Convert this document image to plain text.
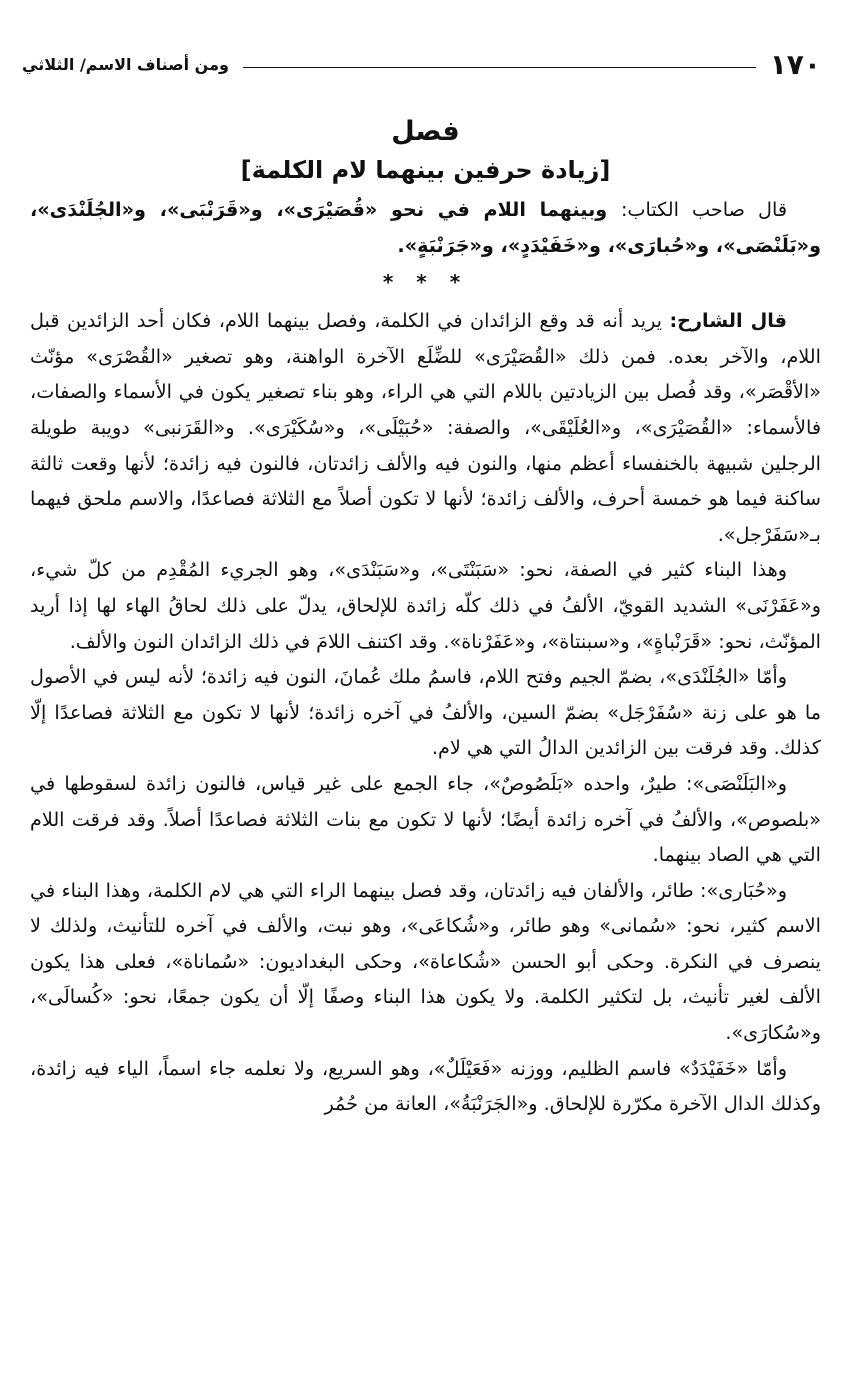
١٧٠
ومن أصناف الاسم/ الثلاثي
فصل
[زيادة حرفين بينهما لام الكلمة]

قال صاحب الكتاب: وبينهما اللام في نحو «قُصَيْرَى»، و«قَرَنْبَى»، و«الجُلَنْدَى»، و«بَلَنْصَى»، و«حُبارَى»، و«خَفَيْدَدٍ»، و«جَرَنْبَةٍ».

* * *

قال الشارح: يريد أنه قد وقع الزائدان في الكلمة، وفصل بينهما اللام، فكان أحد الزائدين قبل اللام، والآخر بعده. فمن ذلك «القُصَيْرَى» للضِّلَع الآخرة الواهنة، وهو تصغير «القُصْرَى» مؤنّث «الأقْصَر»، وقد فُصل بين الزيادتين باللام التي هي الراء، وهو بناء تصغير يكون في الأسماء والصفات، فالأسماء: «القُصَيْرَى»، و«العُلَيْقَى»، والصفة: «حُبَيْلَى»، و«سُكَيْرَى». و«القَرَنبى» دويبة طويلة الرجلين شبيهة بالخنفساء أعظم منها، والنون فيه والألف زائدتان، فالنون فيه زائدة؛ لأنها وقعت ثالثة ساكنة فيما هو خمسة أحرف، والألف زائدة؛ لأنها لا تكون أصلاً مع الثلاثة فصاعدًا، والاسم ملحق فيهما بـ«سَفَرْجل».

وهذا البناء كثير في الصفة، نحو: «سَبَنْتَى»، و«سَبَنْدَى»، وهو الجريء المُقْدِم من كلّ شيء، و«عَفَرْنَى» الشديد القويّ، الألفُ في ذلك كلّه زائدة للإلحاق، يدلّ على ذلك لحاقُ الهاء لها إذا أريد المؤنّث، نحو: «قَرَنْباةٍ»، و«سبنتاة»، و«عَفَرْناة». وقد اكتنف اللامَ في ذلك الزائدان النون والألف.

وأمّا «الجُلَنْدَى»، بضمّ الجيم وفتح اللام، فاسمُ ملك عُمانَ، النون فيه زائدة؛ لأنه ليس في الأصول ما هو على زنة «سُفَرْجَل» بضمّ السين، والألفُ في آخره زائدة؛ لأنها لا تكون مع الثلاثة فصاعدًا إلّا كذلك. وقد فرقت بين الزائدين الدالُ التي هي لام.

و«البَلَنْصَى»: طيرٌ، واحده «بَلَصُوصٌ»، جاء الجمع على غير قياس، فالنون زائدة لسقوطها في «بلصوص»، والألفُ في آخره زائدة أيضًا؛ لأنها لا تكون مع بنات الثلاثة فصاعدًا أصلاً. وقد فرقت اللام التي هي الصاد بينهما.

و«حُبَارى»: طائر، والألفان فيه زائدتان، وقد فصل بينهما الراء التي هي لام الكلمة، وهذا البناء في الاسم كثير، نحو: «سُمانى» وهو طائر، و«شُكاعَى»، وهو نبت، والألف في آخره للتأنيث، ولذلك لا ينصرف في النكرة. وحكى أبو الحسن «شُكاعاة»، وحكى البغداديون: «سُماناة»، فعلى هذا يكون الألف لغير تأنيث، بل لتكثير الكلمة. ولا يكون هذا البناء وصفًا إلّا أن يكون جمعًا، نحو: «كُسالَى»، و«سُكارَى».

وأمّا «خَفَيْدَدٌ» فاسم الظليم، ووزنه «فَعَيْلَلٌ»، وهو السريع، ولا نعلمه جاء اسماً، الياء فيه زائدة، وكذلك الدال الآخرة مكرّرة للإلحاق. و«الجَرَنْبَةُ»، العانة من حُمُر
